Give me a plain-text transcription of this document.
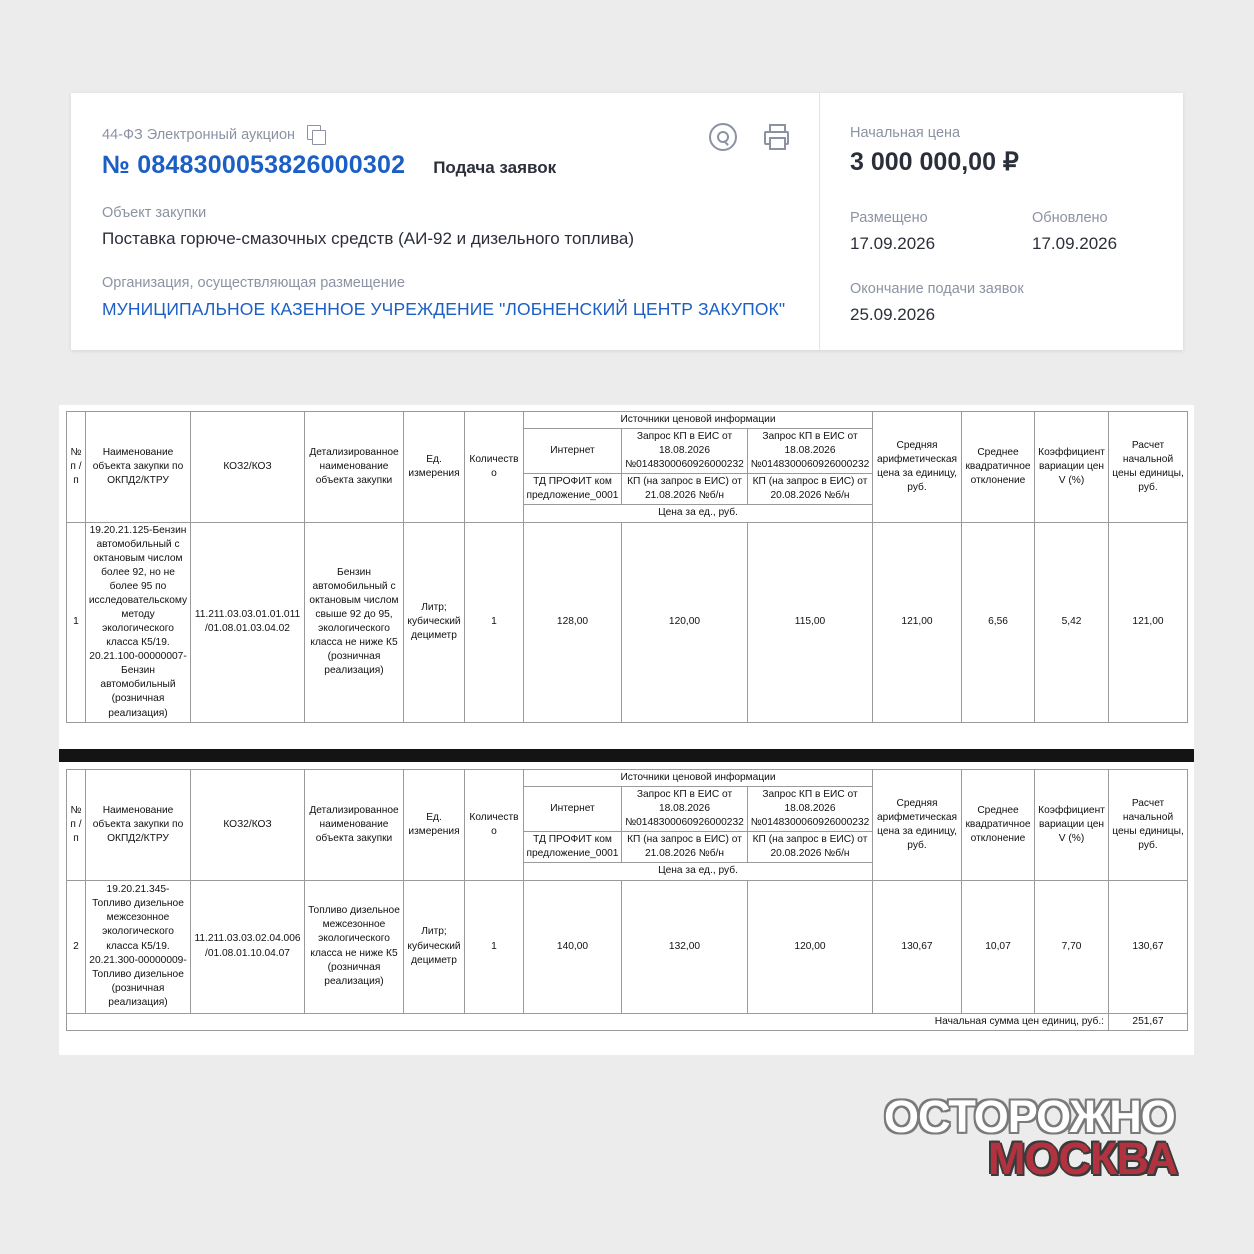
44-ФЗ Электронный аукцион
№ 0848300053826000302 Подача заявок
Объект закупки
Поставка горюче-смазочных средств (АИ-92 и дизельного топлива)
Организация, осуществляющая размещение
МУНИЦИПАЛЬНОЕ КАЗЕННОЕ УЧРЕЖДЕНИЕ "ЛОБНЕНСКИЙ ЦЕНТР ЗАКУПОК"
Начальная цена
3 000 000,00 ₽
Размещено
17.09.2026
Обновлено
17.09.2026
Окончание подачи заявок
25.09.2026
№ п /п	Наименование объекта закупки по ОКПД2/КТРУ	КОЗ2/КОЗ	Детализированное наименование объекта закупки	Ед. измерения	Количество	Источники ценовой информации			Средняя арифметическая цена за единицу, руб.	Среднее квадратичное отклонение	Коэффициент вариации цен V (%)	Расчет начальной цены единицы, руб.
						Интернет	Запрос КП в ЕИС от 18.08.2026 №0148300060926000232	Запрос КП в ЕИС от 18.08.2026 №0148300060926000232				
						ТД ПРОФИТ ком предложение_0001	КП (на запрос в ЕИС) от 21.08.2026 №б/н	КП (на запрос в ЕИС) от 20.08.2026 №б/н				
						Цена за ед., руб.						
1	19.20.21.125-Бензин автомобильный с октановым числом более 92, но не более 95 по исследовательскому методу экологического класса К5/19. 20.21.100-00000007-Бензин автомобильный (розничная реализация)	11.211.03.03.01.01.011 /01.08.01.03.04.02	Бензин автомобильный с октановым числом свыше 92 до 95, экологического класса не ниже К5 (розничная реализация)	Литр; кубический дециметр	1	128,00	120,00	115,00	121,00	6,56	5,42	121,00
№ п /п	Наименование объекта закупки по ОКПД2/КТРУ	КОЗ2/КОЗ	Детализированное наименование объекта закупки	Ед. измерения	Количество	Источники ценовой информации			Средняя арифметическая цена за единицу, руб.	Среднее квадратичное отклонение	Коэффициент вариации цен V (%)	Расчет начальной цены единицы, руб.
						Интернет	Запрос КП в ЕИС от 18.08.2026 №0148300060926000232	Запрос КП в ЕИС от 18.08.2026 №0148300060926000232				
						ТД ПРОФИТ ком предложение_0001	КП (на запрос в ЕИС) от 21.08.2026 №б/н	КП (на запрос в ЕИС) от 20.08.2026 №б/н				
						Цена за ед., руб.						
2	19.20.21.345-Топливо дизельное межсезонное экологического класса К5/19. 20.21.300-00000009-Топливо дизельное (розничная реализация)	11.211.03.03.02.04.006 /01.08.01.10.04.07	Топливо дизельное межсезонное экологического класса не ниже К5 (розничная реализация)	Литр; кубический дециметр	1	140,00	132,00	120,00	130,67	10,07	7,70	130,67
Начальная сумма цен единиц, руб.:												251,67
ОСТОРОЖНО
МОСКВА
